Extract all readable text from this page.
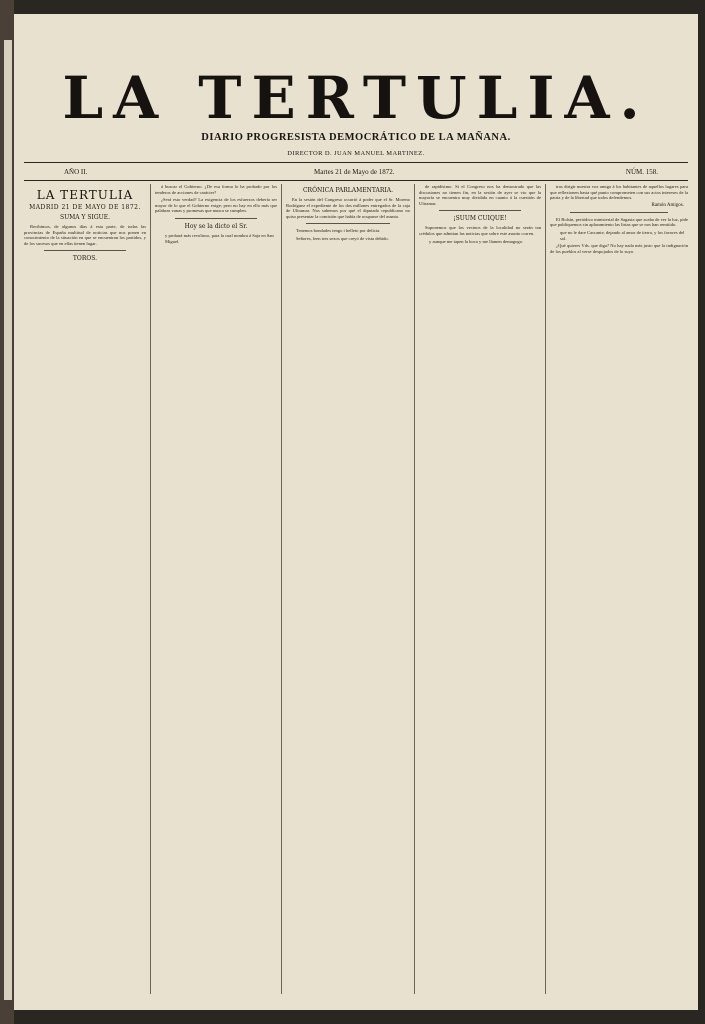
LA TERTULIA.
DIARIO PROGRESISTA DEMOCRÁTICO DE LA MAÑANA.
DIRECTOR D. JUAN MANUEL MARTINEZ.
AÑO II.	Martes 21 de Mayo de 1872.	NÚM. 158.
LA TERTULIA
MADRID 21 DE MAYO DE 1872.
SUMA Y SIGUE.

Recibimos, de algunos días á esta parte, de todas las provincias de España multitud de noticias que nos ponen en conocimiento de la situación en que se encuentran los partidos, y de los sucesos que en ellas tienen lugar.

TOROS.

á buscar el Gobierno. ¿De esa forma lo ha probado por los tenderos de acciones de carácter?

¿Será esto verdad? La exigencia de los esfuerzos debería ser mayor de lo que el Gobierno exige; pero no hay en ello más que palabras vanas y promesas que nunca se cumplen.

Hoy se la dicto el Sr.

y probará más revoltoso, para la cual nombra á Saja en San Miguel.

CRÓNICA PARLAMENTARIA.

En la sesión del Congreso ocurrió á poder que el Sr. Moreno Rodríguez el expediente de los dos millones entregados de la caja de Ultramar. Nos sabemos por qué el diputado republicano no quiso presentar la comisión que había de ocuparse del asunto.

Tenemos bondades tengo i helleto por delicia.

Señores, leen tres sexos que creyó de vista debido.

de rapidísimo. Si el Congreso nos ha demostrado que las discusiones no tienen fin, en la sesión de ayer se vio que la mayoría se encuentra muy dividida en cuanto á la cuestión de Ultramar.

¡SUUM CUIQUE!

Suponemos que los vecinos de la localidad no serán tan crédulos que admitan las noticias que sobre este asunto corren.

y aunque me tapen la boca y me llamen demagogo.

tras dirigir nuestra voz amiga á los habitantes de aquellos lugares para que reflexionen hasta qué punto comprometen con sus actos intereses de la patria y de la libertad que todos defendemos.

Ramón Amigos.

El Bolsín, periódico ministerial de Sagasta que acaba de ver la luz, pide que publiquemos sin aplazamiento las listas que se nos han remitido.

que no le dare Cascante, dejando al amor de tierra, y los favores del sol.

¿Qué quieres Vds. que diga? No hay nada más justo que la indignación de los pueblos al verse despojados de lo suyo.
